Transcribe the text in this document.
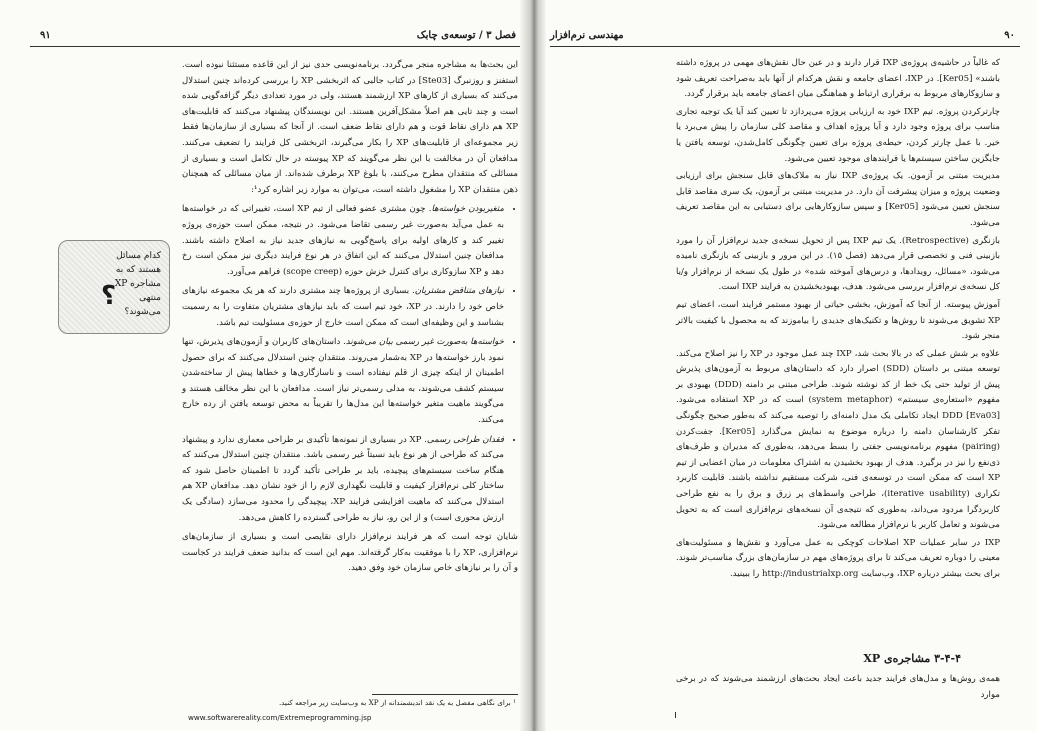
۹۱	فصل ۳ / توسعه‌ی چابک

این بحث‌ها به مشاجره منجر می‌گردد. برنامه‌نویسی حدی نیز از این قاعده مستثنا نبوده است. استفنز و روزنبرگ [Ste03] در کتاب جالبی که اثربخشی XP را بررسی کرده‌اند چنین استدلال می‌کنند که بسیاری از کارهای XP ارزشمند هستند، ولی در مورد تعدادی دیگر گزافه‌گویی شده است و چند تایی هم اصلاً مشکل‌آفرین هستند. این نویسندگان پیشنهاد می‌کنند که قابلیت‌های XP هم دارای نقاط قوت و هم دارای نقاط ضعف است. از آنجا که بسیاری از سازمان‌ها فقط زیر مجموعه‌ای از قابلیت‌های XP را بکار می‌گیرند، اثربخشی کل فرایند را تضعیف می‌کنند. مدافعان آن در مخالفت با این نظر می‌گویند که XP پیوسته در حال تکامل است و بسیاری از مسائلی که منتقدان مطرح می‌کنند، با بلوغ XP برطرف شده‌اند. از میان مسائلی که همچنان ذهن منتقدان XP را مشغول داشته است، می‌توان به موارد زیر اشاره کرد¹:

• متغیربودن خواسته‌ها. چون مشتری عضو فعالی از تیم XP است، تغییراتی که در خواسته‌ها به عمل می‌آید به‌صورت غیر رسمی تقاضا می‌شود. در نتیجه، ممکن است حوزه‌ی پروژه تغییر کند و کارهای اولیه برای پاسخ‌گویی به نیازهای جدید نیاز به اصلاح داشته باشند. مدافعان چنین استدلال می‌کنند که این اتفاق در هر نوع فرایند دیگری نیز ممکن است رخ دهد و XP سازوکاری برای کنترل خزش حوزه (scope creep) فراهم می‌آورد.
• نیازهای متناقض مشتریان. بسیاری از پروژه‌ها چند مشتری دارند که هر یک مجموعه نیازهای خاص خود را دارند. در XP، خود تیم است که باید نیازهای مشتریان متفاوت را به رسمیت بشناسد و این وظیفه‌ای است که ممکن است خارج از حوزه‌ی مسئولیت تیم باشد.
• خواسته‌ها به‌صورت غیر رسمی بیان می‌شوند. داستان‌های کاربران و آزمون‌های پذیرش، تنها نمود بارز خواسته‌ها در XP به‌شمار می‌روند. منتقدان چنین استدلال می‌کنند که برای حصول اطمینان از اینکه چیزی از قلم نیفتاده است و ناسازگاری‌ها و خطاها پیش از ساخته‌شدن سیستم کشف می‌شوند، به مدلی رسمی‌تر نیاز است. مدافعان با این نظر مخالف هستند و می‌گویند ماهیت متغیر خواسته‌ها این مدل‌ها را تقریباً به محض توسعه یافتن از رده خارج می‌کند.
• فقدان طراحی رسمی. XP در بسیاری از نمونه‌ها تأکیدی بر طراحی معماری ندارد و پیشنهاد می‌کند که طراحی از هر نوع باید نسبتاً غیر رسمی باشد. منتقدان چنین استدلال می‌کنند که هنگام ساخت سیستم‌های پیچیده، باید بر طراحی تأکید گردد تا اطمینان حاصل شود که ساختار کلی نرم‌افزار کیفیت و قابلیت نگهداری لازم را از خود نشان دهد. مدافعان XP هم استدلال می‌کنند که ماهیت افزایشی فرایند XP، پیچیدگی را محدود می‌سازد (سادگی یک ارزش محوری است) و از این رو، نیاز به طراحی گسترده را کاهش می‌دهد.

شایان توجه است که هر فرایند نرم‌افزار دارای نقایصی است و بسیاری از سازمان‌های نرم‌افزاری، XP را با موفقیت به‌کار گرفته‌اند. مهم این است که بدانید ضعف فرایند در کجاست و آن را بر نیازهای خاص سازمان خود وفق دهید.

کدام مسائل
هستند که به
مشاجره XP
منتهی
می‌شوند؟
؟
¹ برای نگاهی مفصل به یک نقد اندیشمندانه از XP به وب‌سایت زیر مراجعه کنید.
www.softwarereality.com/Extremeprogramming.jsp
مهندسی نرم‌افزار	۹۰

که غالباً در حاشیه‌ی پروژه‌ی IXP قرار دارند و در عین حال نقش‌های مهمی در پروژه داشته باشند» [Ker05]. در IXP، اعضای جامعه و نقش هرکدام از آنها باید به‌صراحت تعریف شود و سازوکارهای مربوط به برقراری ارتباط و هماهنگی میان اعضای جامعه باید برقرار گردد.

چارترکردن پروژه. تیم IXP خود به ارزیابی پروژه می‌پردازد تا تعیین کند آیا یک توجیه تجاری مناسب برای پروژه وجود دارد و آیا پروژه اهداف و مقاصد کلی سازمان را پیش می‌برد یا خیر. با عمل چارتر کردن، حیطه‌ی پروژه برای تعیین چگونگی کامل‌شدن، توسعه یافتن یا جایگزین ساختن سیستم‌ها یا فرایندهای موجود تعیین می‌شود.

مدیریت مبتنی بر آزمون. یک پروژه‌ی IXP نیاز به ملاک‌های قابل سنجش برای ارزیابی وضعیت پروژه و میزان پیشرفت آن دارد. در مدیریت مبتنی بر آزمون، یک سری مقاصد قابل سنجش تعیین می‌شود [Ker05] و سپس سازوکارهایی برای دستیابی به این مقاصد تعریف می‌شود.

بازنگری (Retrospective). یک تیم IXP پس از تحویل نسخه‌ی جدید نرم‌افزار آن را مورد بازبینی فنی و تخصصی قرار می‌دهد (فصل ۱۵). در این مرور و بازبینی که بازنگری نامیده می‌شود، «مسائل، رویدادها، و درس‌های آموخته شده» در طول یک نسخه از نرم‌افزار و/یا کل نسخه‌ی نرم‌افزار بررسی می‌شود. هدف، بهبودبخشیدن به فرایند IXP است.

آموزش پیوسته. از آنجا که آموزش، بخشی حیاتی از بهبود مستمر فرایند است، اعضای تیم XP تشویق می‌شوند تا روش‌ها و تکنیک‌های جدیدی را بیاموزند که به محصول با کیفیت بالاتر منجر شود.

علاوه بر شش عملی که در بالا بحث شد، IXP چند عمل موجود در XP را نیز اصلاح می‌کند. توسعه مبتنی بر داستان (SDD) اصرار دارد که داستان‌های مربوط به آزمون‌های پذیرش پیش از تولید حتی یک خط از کد نوشته شوند. طراحی مبتنی بر دامنه (DDD) بهبودی بر مفهوم «استعاره‌ی سیستم» (system metaphor) است که در XP استفاده می‌شود. DDD [Eva03] ایجاد تکاملی یک مدل دامنه‌ای را توصیه می‌کند که به‌طور صحیح چگونگی تفکر کارشناسان دامنه را درباره موضوع به نمایش می‌گذارد [Ker05]. جفت‌کردن (pairing) مفهوم برنامه‌نویسی جفتی را بسط می‌دهد، به‌طوری که مدیران و طرف‌های ذی‌نفع را نیز در برگیرد. هدف از بهبود بخشیدن به اشتراک معلومات در میان اعضایی از تیم XP است که ممکن است در توسعه‌ی فنی، شرکت مستقیم نداشته باشند. قابلیت کاربرد تکراری (iterative usability)، طراحی واسط‌های پر زرق و برق را به نفع طراحی کاربردگرا مردود می‌داند، به‌طوری که نتیجه‌ی آن نسخه‌های نرم‌افزاری است که به تحویل می‌شوند و تعامل کاربر با نرم‌افزار مطالعه می‌شود.

IXP در سایر عملیات XP اصلاحات کوچکی به عمل می‌آورد و نقش‌ها و مسئولیت‌های معینی را دوباره تعریف می‌کند تا برای پروژه‌های مهم در سازمان‌های بزرگ مناسب‌تر شوند. برای بحث بیشتر درباره IXP، وب‌سایت http://industrialxp.org را ببینید.

۳-۴-۴ مشاجره‌ی XP
همه‌ی روش‌ها و مدل‌های فرایند جدید باعث ایجاد بحث‌های ارزشمند می‌شوند که در برخی موارد
